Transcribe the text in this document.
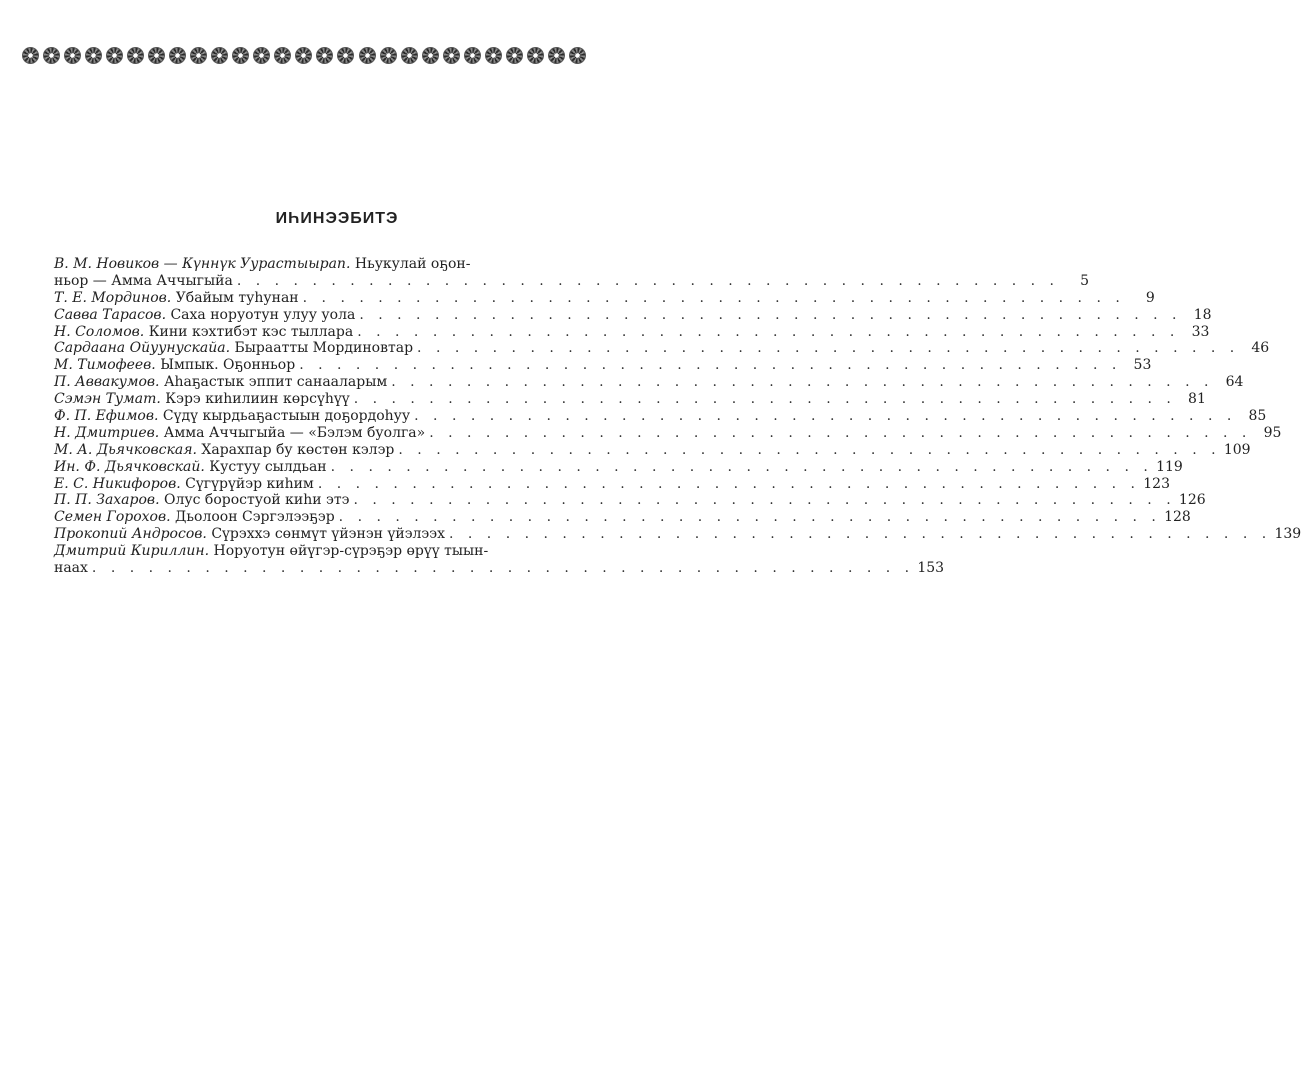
ИҺИНЭЭБИТЭ
В. М. Новиков — Күннүк Уурастыырап. Ньукулай оҕон-
ньор — Амма Аччыгыйа . . .	5
Т. Е. Мординов. Убайым туһунан . . .	9
Савва Тарасов. Саха норуотун улуу уола . . .	18
Н. Соломов. Кини кэхтибэт кэс тыллара . . .	33
Сардаана Ойуунускайа. Быраатты Мординовтар . . .	46
М. Тимофеев. Ымпык. Оҕонньор . . .	53
П. Аввакумов. Аһаҕастык эппит санааларым . . .	64
Сэмэн Тумат. Кэрэ киһилиин көрсүһүү . . .	81
Ф. П. Ефимов. Сүдү кырдьаҕастыын доҕордоһуу . . .	85
Н. Дмитриев. Амма Аччыгыйа — «Бэлэм буолга» . . .	95
М. А. Дьячковская. Харахпар бу көстөн кэлэр . . .	109
Ин. Ф. Дьячковскай. Кустуу сылдьан . . .	119
Е. С. Никифоров. Сүгүрүйэр киһим . . .	123
П. П. Захаров. Олус боростуой киһи этэ . . .	126
Семен Горохов. Дьолоон Сэргэлээҕэр . . .	128
Прокопий Андросов. Сүрэххэ сөнмүт үйэнэн үйэлээх . . .	139
Дмитрий Кириллин. Норуотун өйүгэр-сүрэҕэр өрүү тыын-
наах . . .	153
